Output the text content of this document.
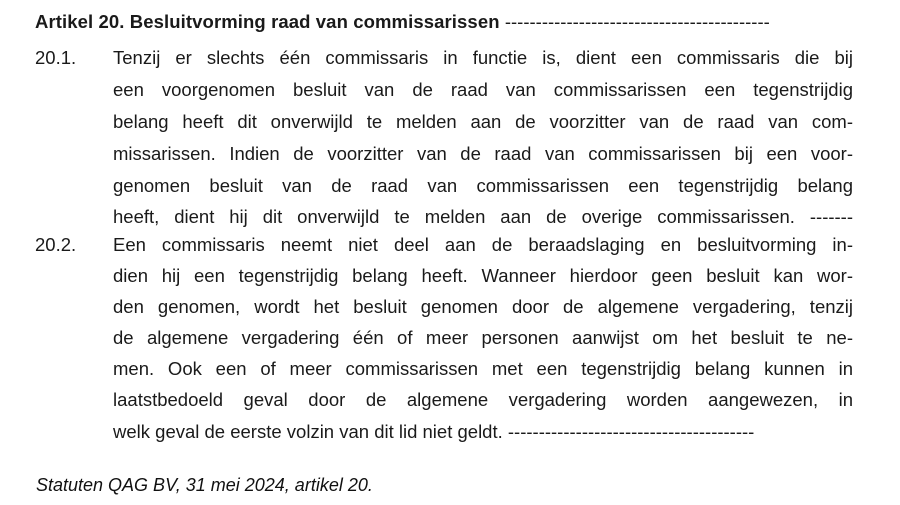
Artikel 20. Besluitvorming raad van commissarissen -------------------------------------------
20.1. Tenzij er slechts één commissaris in functie is, dient een commissaris die bij
een voorgenomen besluit van de raad van commissarissen een tegenstrijdig
belang heeft dit onverwijld te melden aan de voorzitter van de raad van com-
missarissen. Indien de voorzitter van de raad van commissarissen bij een voor-
genomen besluit van de raad van commissarissen een tegenstrijdig belang
heeft, dient hij dit onverwijld te melden aan de overige commissarissen. -------
20.2. Een commissaris neemt niet deel aan de beraadslaging en besluitvorming in-
dien hij een tegenstrijdig belang heeft. Wanneer hierdoor geen besluit kan wor-
den genomen, wordt het besluit genomen door de algemene vergadering, tenzij
de algemene vergadering één of meer personen aanwijst om het besluit te ne-
men. Ook een of meer commissarissen met een tegenstrijdig belang kunnen in
laatstbedoeld geval door de algemene vergadering worden aangewezen, in
welk geval de eerste volzin van dit lid niet geldt. ----------------------------------------
Statuten QAG BV, 31 mei 2024, artikel 20.
